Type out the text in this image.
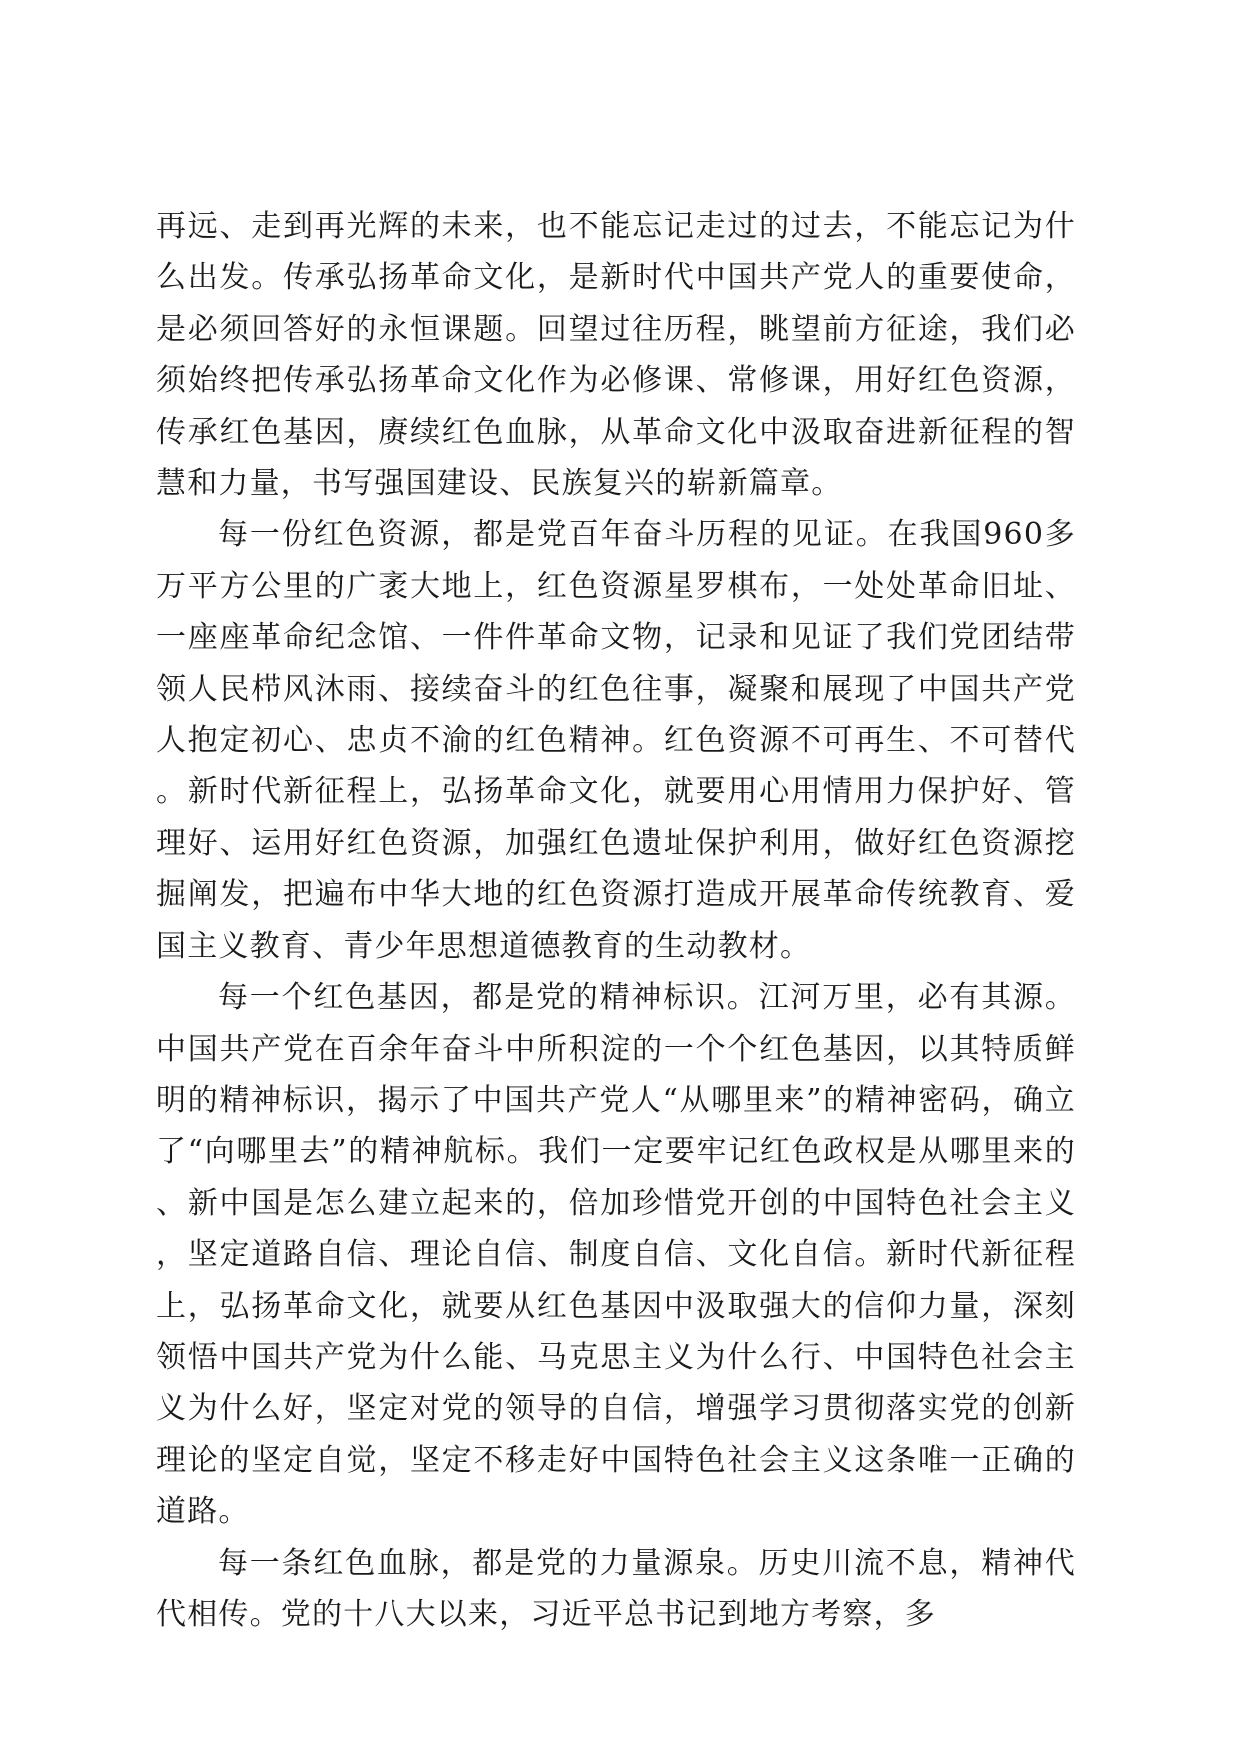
再远、走到再光辉的未来，也不能忘记走过的过去，不能忘记为什么出发。传承弘扬革命文化，是新时代中国共产党人的重要使命，是必须回答好的永恒课题。回望过往历程，眺望前方征途，我们必须始终把传承弘扬革命文化作为必修课、常修课，用好红色资源，传承红色基因，赓续红色血脉，从革命文化中汲取奋进新征程的智慧和力量，书写强国建设、民族复兴的崭新篇章。

每一份红色资源，都是党百年奋斗历程的见证。在我国960多万平方公里的广袤大地上，红色资源星罗棋布，一处处革命旧址、一座座革命纪念馆、一件件革命文物，记录和见证了我们党团结带领人民栉风沐雨、接续奋斗的红色往事，凝聚和展现了中国共产党人抱定初心、忠贞不渝的红色精神。红色资源不可再生、不可替代。新时代新征程上，弘扬革命文化，就要用心用情用力保护好、管理好、运用好红色资源，加强红色遗址保护利用，做好红色资源挖掘阐发，把遍布中华大地的红色资源打造成开展革命传统教育、爱国主义教育、青少年思想道德教育的生动教材。

每一个红色基因，都是党的精神标识。江河万里，必有其源。中国共产党在百余年奋斗中所积淀的一个个红色基因，以其特质鲜明的精神标识，揭示了中国共产党人“从哪里来”的精神密码，确立了“向哪里去”的精神航标。我们一定要牢记红色政权是从哪里来的、新中国是怎么建立起来的，倍加珍惜党开创的中国特色社会主义，坚定道路自信、理论自信、制度自信、文化自信。新时代新征程上，弘扬革命文化，就要从红色基因中汲取强大的信仰力量，深刻领悟中国共产党为什么能、马克思主义为什么行、中国特色社会主义为什么好，坚定对党的领导的自信，增强学习贯彻落实党的创新理论的坚定自觉，坚定不移走好中国特色社会主义这条唯一正确的道路。

每一条红色血脉，都是党的力量源泉。历史川流不息，精神代代相传。党的十八大以来，习近平总书记到地方考察，多
